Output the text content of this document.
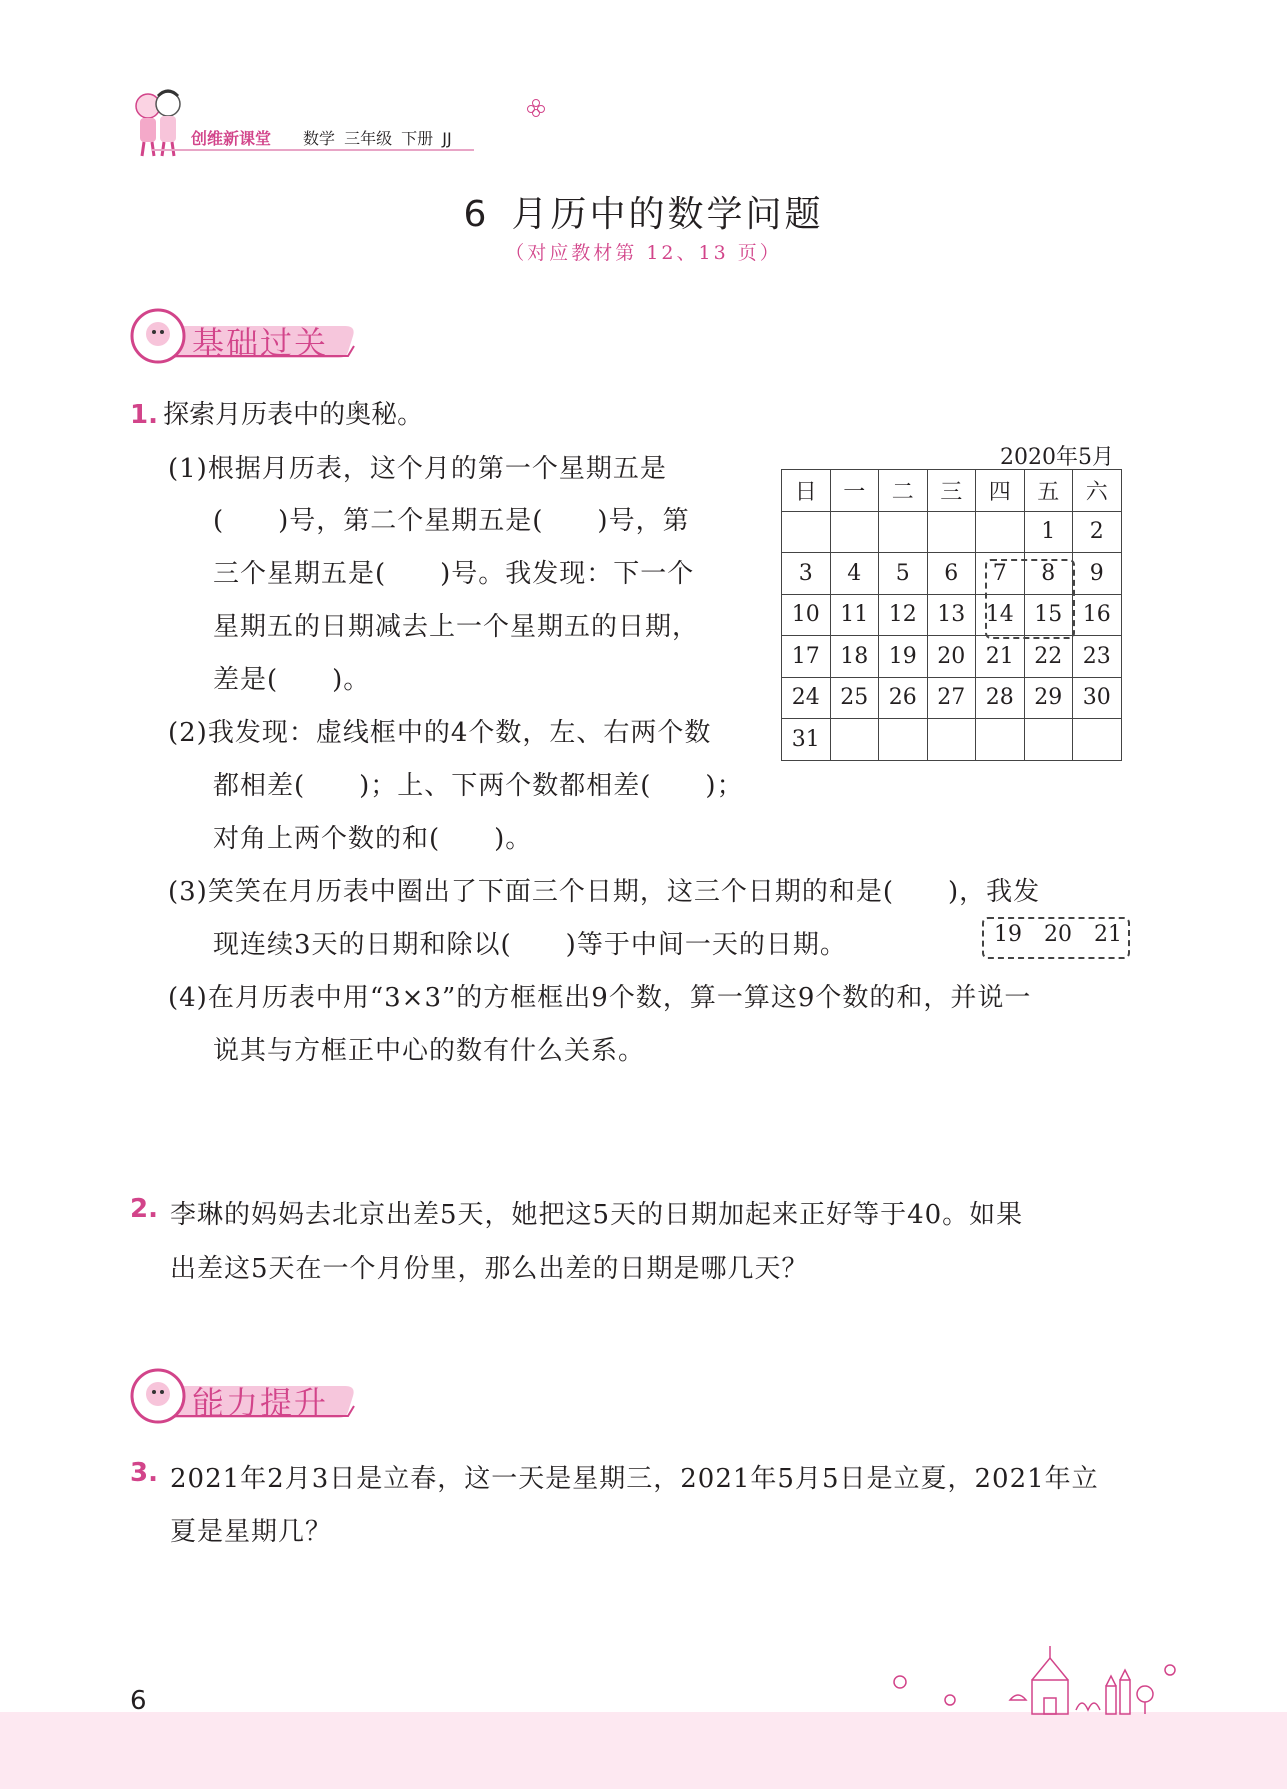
创维新课堂 数学 三年级 下册 JJ
6 月历中的数学问题
（对应教材第 12、13 页）
基础过关
1. 探索月历表中的奥秘。
(1)根据月历表，这个月的第一个星期五是
(　　)号，第二个星期五是(　　)号，第
三个星期五是(　　)号。我发现：下一个
星期五的日期减去上一个星期五的日期，
差是(　　)。
(2)我发现：虚线框中的4个数，左、右两个数
都相差(　　)；上、下两个数都相差(　　)；
对角上两个数的和(　　)。
(3)笑笑在月历表中圈出了下面三个日期，这三个日期的和是(　　)，我发
现连续3天的日期和除以(　　)等于中间一天的日期。	19 20 21
(4)在月历表中用“3×3”的方框框出9个数，算一算这9个数的和，并说一
说其与方框正中心的数有什么关系。
2020年5月
日	一	二	三	四	五	六
					1	2
3	4	5	6	7	8	9
10	11	12	13	14	15	16
17	18	19	20	21	22	23
24	25	26	27	28	29	30
31						
2. 李琳的妈妈去北京出差5天，她把这5天的日期加起来正好等于40。如果
出差这5天在一个月份里，那么出差的日期是哪几天？
能力提升
3. 2021年2月3日是立春，这一天是星期三，2021年5月5日是立夏，2021年立
夏是星期几？
6
